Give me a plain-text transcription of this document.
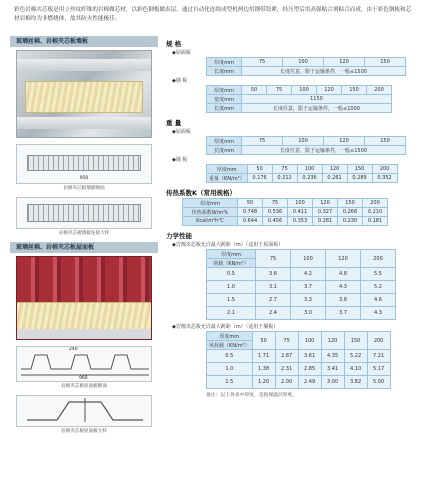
彩色岩棉夹芯板是用立丝纹纤维的岩棉做芯材，以彩色钢板做表层，通过自动化连续成型机两边用钢带铰紧，经压型后用高强粘合剂粘合而成。由于彩色钢板和芯材岩棉均为非燃烧体，故其防火性能极佳。
玻璃丝棉、岩棉夹芯板墙板
950
岩棉夹芯板墙板断面
岩棉夹芯板墙板连接大样
玻璃丝棉、岩棉夹芯板屋面板
240
960
岩棉夹芯板屋面板断面
岩棉夹芯板屋面板大样
规 格
◆屋面板
厚度mm	75	100	120	150
长度mm	长度任意，限于运输条件，一般≤1500			
◆墙 板
厚度mm	50	75	100	120	150	200
宽度mm	1150					
长度mm	长度任意，限于运输条件，一般≤1000					
重 量
◆屋面板
厚度mm	75	100	120	150
长度mm	长度任意，限于运输条件，一般≤1500			
◆墙 板
厚度mm	50	75	100	120	150	200
重量（KN/m²）	0.176	0.212	0.236	0.261	0.289	0.352
传热系数K（常用规格）
厚度mm	50	75	100	120	150	200
传热系数W/m²k	0.748	0.536	0.411	0.327	0.268	0.210
Kcal/m²h℃	0.644	0.456	0.353	0.281	0.230	0.181
力学性能
◆岩棉夹芯板允许最大跨距（m）（适用于屋面板）
厚度mm	75	100	120	200
荷载（KN/m²）				
0.5	3.6	4.2	4.8	5.5
1.0	3.1	3.7	4.3	5.2
1.5	2.7	3.3	3.8	4.6
2.1	2.4	3.0	3.7	4.3
◆岩棉夹芯板允许最大跨距（m）（适用于墙板）
厚度mm	50	75	100	120	150	200
风荷载（KN/m²）						
0.5	1.71	2.87	3.61	4.35	5.22	7.21
1.0	1.38	2.31	2.85	3.41	4.10	5.17
1.5	1.20	2.00	2.49	3.00	3.82	5.00
备注：以上各表中厚度，是指保温层厚度。
